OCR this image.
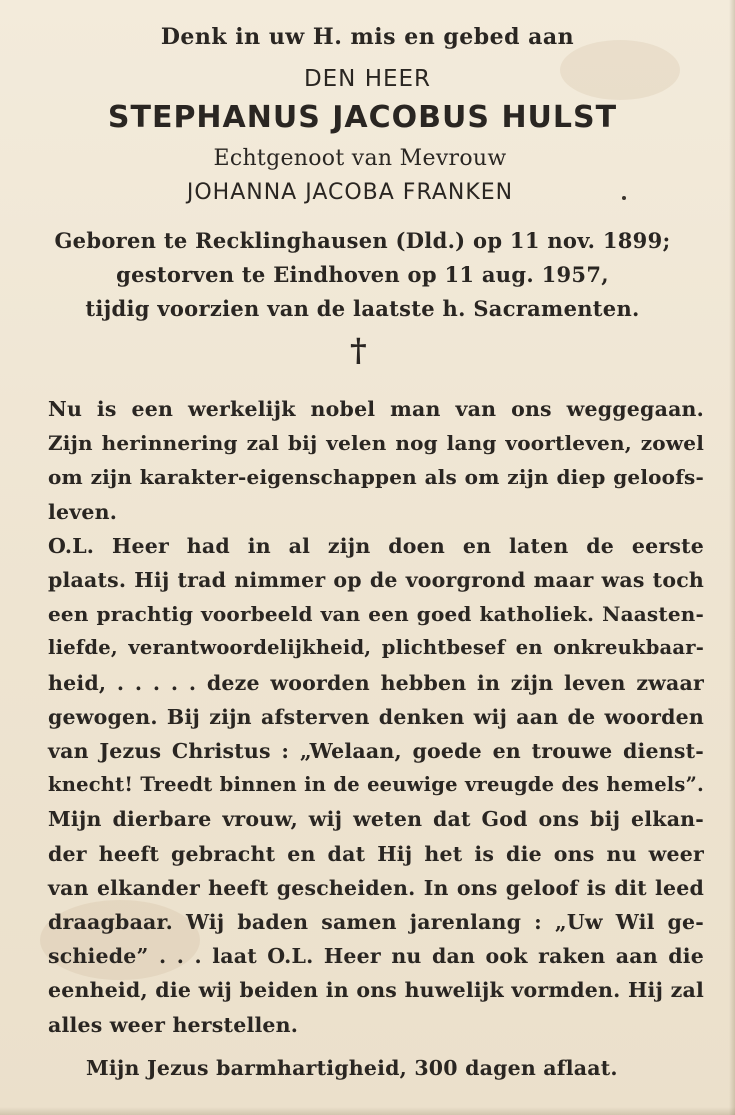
Denk in uw H. mis en gebed aan
DEN HEER
STEPHANUS JACOBUS HULST
Echtgenoot van Mevrouw
JOHANNA JACOBA FRANKEN
Geboren te Recklinghausen (Dld.) op 11 nov. 1899;
gestorven te Eindhoven op 11 aug. 1957,
tijdig voorzien van de laatste h. Sacramenten.
†

Nu is een werkelijk nobel man van ons weggegaan.
Zijn herinnering zal bij velen nog lang voortleven, zowel
om zijn karakter-eigenschappen als om zijn diep geloofs-
leven.

O.L. Heer had in al zijn doen en laten de eerste
plaats. Hij trad nimmer op de voorgrond maar was toch
een prachtig voorbeeld van een goed katholiek. Naasten-
liefde, verantwoordelijkheid, plichtbesef en onkreukbaar-
heid, . . . . . deze woorden hebben in zijn leven zwaar
gewogen. Bij zijn afsterven denken wij aan de woorden
van Jezus Christus : „Welaan, goede en trouwe dienst-
knecht! Treedt binnen in de eeuwige vreugde des hemels”.

Mijn dierbare vrouw, wij weten dat God ons bij elkan-
der heeft gebracht en dat Hij het is die ons nu weer
van elkander heeft gescheiden. In ons geloof is dit leed
draagbaar. Wij baden samen jarenlang : „Uw Wil ge-
schiede” . . . laat O.L. Heer nu dan ook raken aan die
eenheid, die wij beiden in ons huwelijk vormden. Hij zal
alles weer herstellen.

Mijn Jezus barmhartigheid, 300 dagen aflaat.
